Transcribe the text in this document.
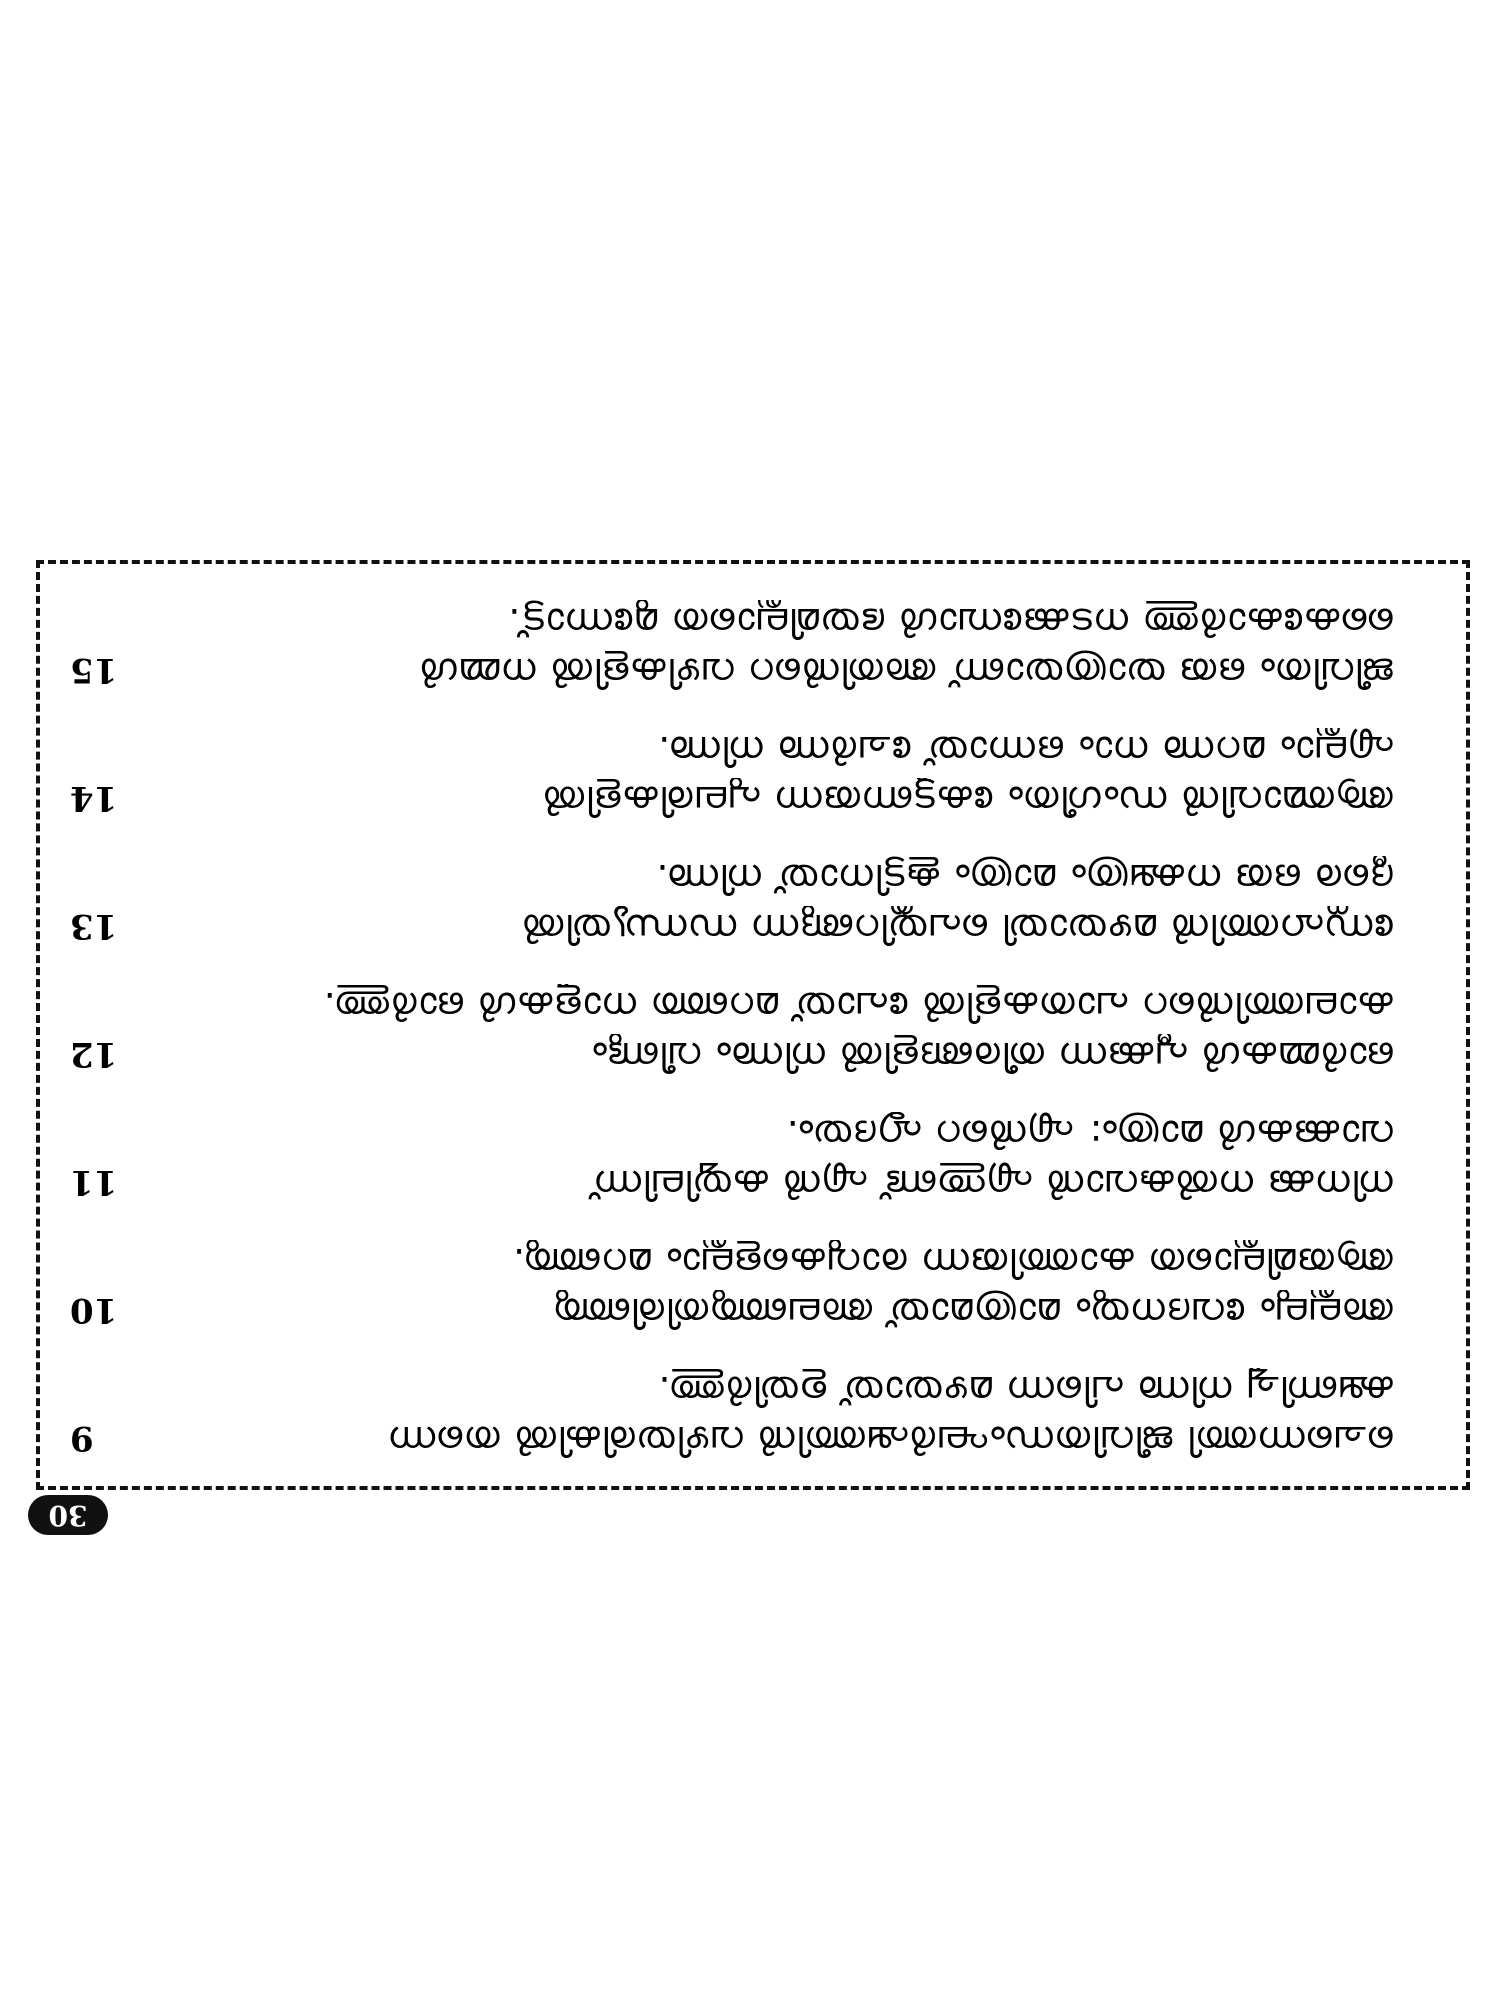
30
ചെന്നെത്തി ജീവിതസംഘര്‍ഷത്തിന്‍ വഴിയരികില്‍ തന്നെ
ക്ഷണിച്ചു നിന്നു പിന്നെ മഴയായ് ഉയിര്‍ത്തു.
9
അല്ലലും വേദനയും മാത്രമായ് അലഞ്ഞുതിരിഞ്ഞു
ആരുമില്ലാതെ കാത്തിരുന്ന രാവുകളെല്ലാം മറഞ്ഞു.
10
നിനക്കു നല്‍കുവാന്‍ എന്തുണ്ട് എന്‍ കയ്യിലിന്ന്
വാക്കുകള്‍ മാത്രം: എന്‍റെ ഹൃദയം.
11
ഓര്‍മ്മകള്‍ പൂക്കുന്ന തീരങ്ങളില്‍ നിന്നും വീണ്ടും
കാലത്തിന്‍റെ പാതകളില്‍ പോയ് മറഞ്ഞ നാളുകള്‍ ഓര്‍ത്തു.
12
സ്നേഹത്തിന്‍ മഴയായി പെയ്തിറങ്ങുന്ന സന്ധ്യയില്‍
ദൂരെ ഒരു നക്ഷത്രം മാത്രം കൂട്ടിനായ് നിന്നു.
13
ആത്മാവിന്‍ സംഗീതം കേട്ടുണരുന്ന പുലരികളില്‍
എല്ലാം മറന്നു നാം ഒന്നായ് ചേര്‍ന്നു നിന്നു.
14
ജീവിതം ഒരു യാത്രയാണ് അതിന്‍റെ വഴികളില്‍ നമ്മള്‍
കൈകോര്‍ത്തു നടക്കുമ്പോള്‍ ഭയമില്ലാതെ മുന്നോട്ട്.
15
